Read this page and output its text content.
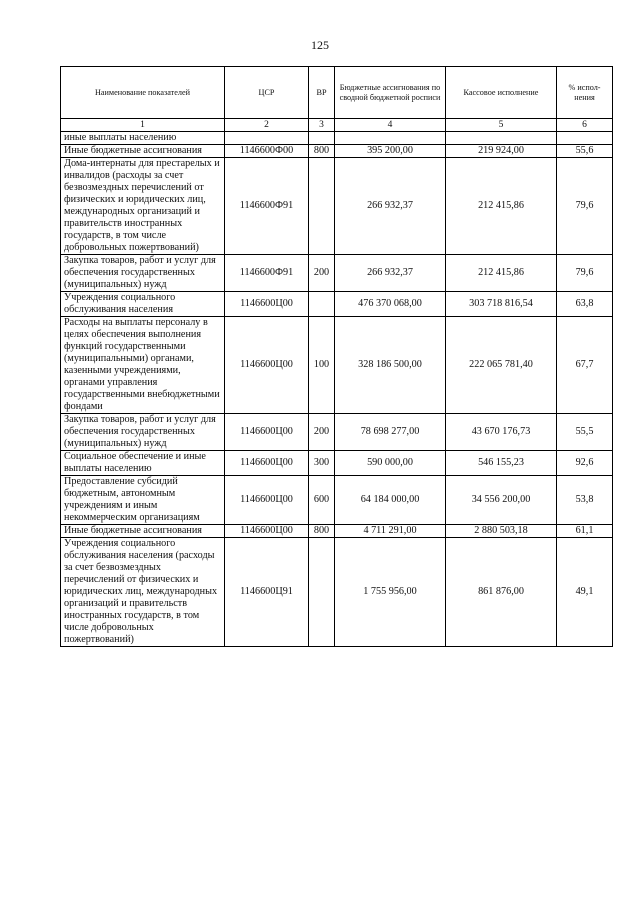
125
Наименование показателей	ЦСР	ВР	Бюджетные ассигнования по сводной бюджетной росписи	Кассовое исполнение	% испол- нения
1	2	3	4	5	6
иные выплаты населению					
Иные бюджетные ассигнования	1146600Ф00	800	395 200,00	219 924,00	55,6
Дома-интернаты для престарелых и инвалидов (расходы за счет безвозмездных перечислений от физических и юридических лиц, международных организаций и правительств иностранных государств, в том числе добровольных пожертвований)	1146600Ф91		266 932,37	212 415,86	79,6
Закупка товаров, работ и услуг для обеспечения государственных (муниципальных) нужд	1146600Ф91	200	266 932,37	212 415,86	79,6
Учреждения социального обслуживания населения	1146600Ц00		476 370 068,00	303 718 816,54	63,8
Расходы на выплаты персоналу в целях обеспечения выполнения функций государственными (муниципальными) органами, казенными учреждениями, органами управления государственными внебюджетными фондами	1146600Ц00	100	328 186 500,00	222 065 781,40	67,7
Закупка товаров, работ и услуг для обеспечения государственных (муниципальных) нужд	1146600Ц00	200	78 698 277,00	43 670 176,73	55,5
Социальное обеспечение и иные выплаты населению	1146600Ц00	300	590 000,00	546 155,23	92,6
Предоставление субсидий бюджетным, автономным учреждениям и иным некоммерческим организациям	1146600Ц00	600	64 184 000,00	34 556 200,00	53,8
Иные бюджетные ассигнования	1146600Ц00	800	4 711 291,00	2 880 503,18	61,1
Учреждения социального обслуживания населения (расходы за счет безвозмездных перечислений от физических и юридических лиц, международных организаций и правительств иностранных государств, в том числе добровольных пожертвований)	1146600Ц91		1 755 956,00	861 876,00	49,1
